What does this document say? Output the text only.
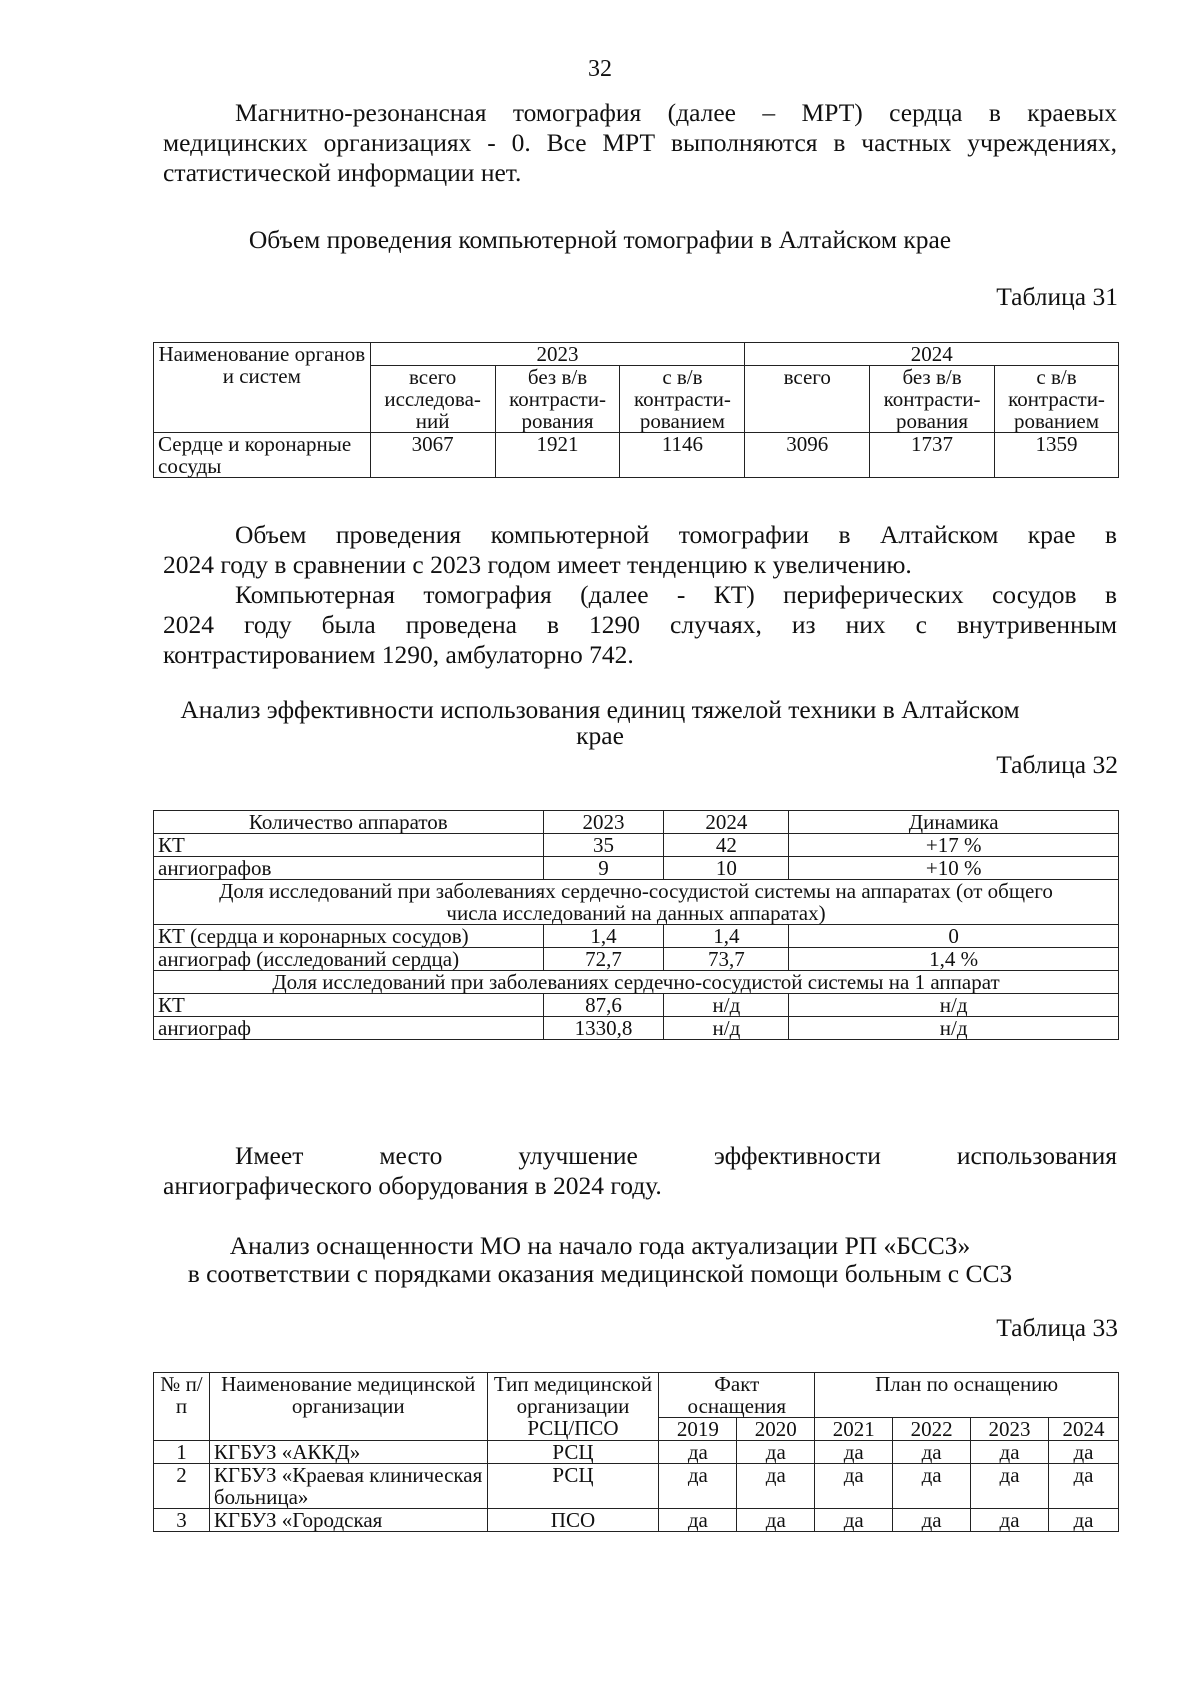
32
Магнитно-резонансная томография (далее – МРТ) сердца в краевых
медицинских организациях - 0. Все МРТ выполняются в частных учреждениях,
статистической информации нет.
Объем проведения компьютерной томографии в Алтайском крае
Таблица 31
Наименование органов и систем	2023			2024		
	всего исследова-ний	без в/в контрасти-рования	с в/в контрасти-рованием	всего	без в/в контрасти-рования	с в/в контрасти-рованием
Сердце и коронарные сосуды	3067	1921	1146	3096	1737	1359
Объем проведения компьютерной томографии в Алтайском крае в
2024 году в сравнении с 2023 годом имеет тенденцию к увеличению.
Компьютерная томография (далее - КТ) периферических сосудов в
2024 году была проведена в 1290 случаях, из них с внутривенным
контрастированием 1290, амбулаторно 742.
Анализ эффективности использования единиц тяжелой техники в Алтайском
крае
Таблица 32
Количество аппаратов	2023	2024	Динамика
КТ	35	42	+17 %
ангиографов	9	10	+10 %
Доля исследований при заболеваниях сердечно-сосудистой системы на аппаратах (от общего числа исследований на данных аппаратах)			
КТ (сердца и коронарных сосудов)	1,4	1,4	0
ангиограф (исследований сердца)	72,7	73,7	1,4 %
Доля исследований при заболеваниях сердечно-сосудистой системы на 1 аппарат			
КТ	87,6	н/д	н/д
ангиограф	1330,8	н/д	н/д
Имеет место улучшение эффективности использования
ангиографического оборудования в 2024 году.
Анализ оснащенности МО на начало года актуализации РП «БССЗ»
в соответствии с порядками оказания медицинской помощи больным с ССЗ
Таблица 33
№ п/п	Наименование медицинской организации	Тип медицинской организации РСЦ/ПСО	Факт оснащения		План по оснащению			
			2019	2020	2021	2022	2023	2024
1	КГБУЗ «АККД»	РСЦ	да	да	да	да	да	да
2	КГБУЗ «Краевая клиническая больница»	РСЦ	да	да	да	да	да	да
3	КГБУЗ «Городская	ПСО	да	да	да	да	да	да
